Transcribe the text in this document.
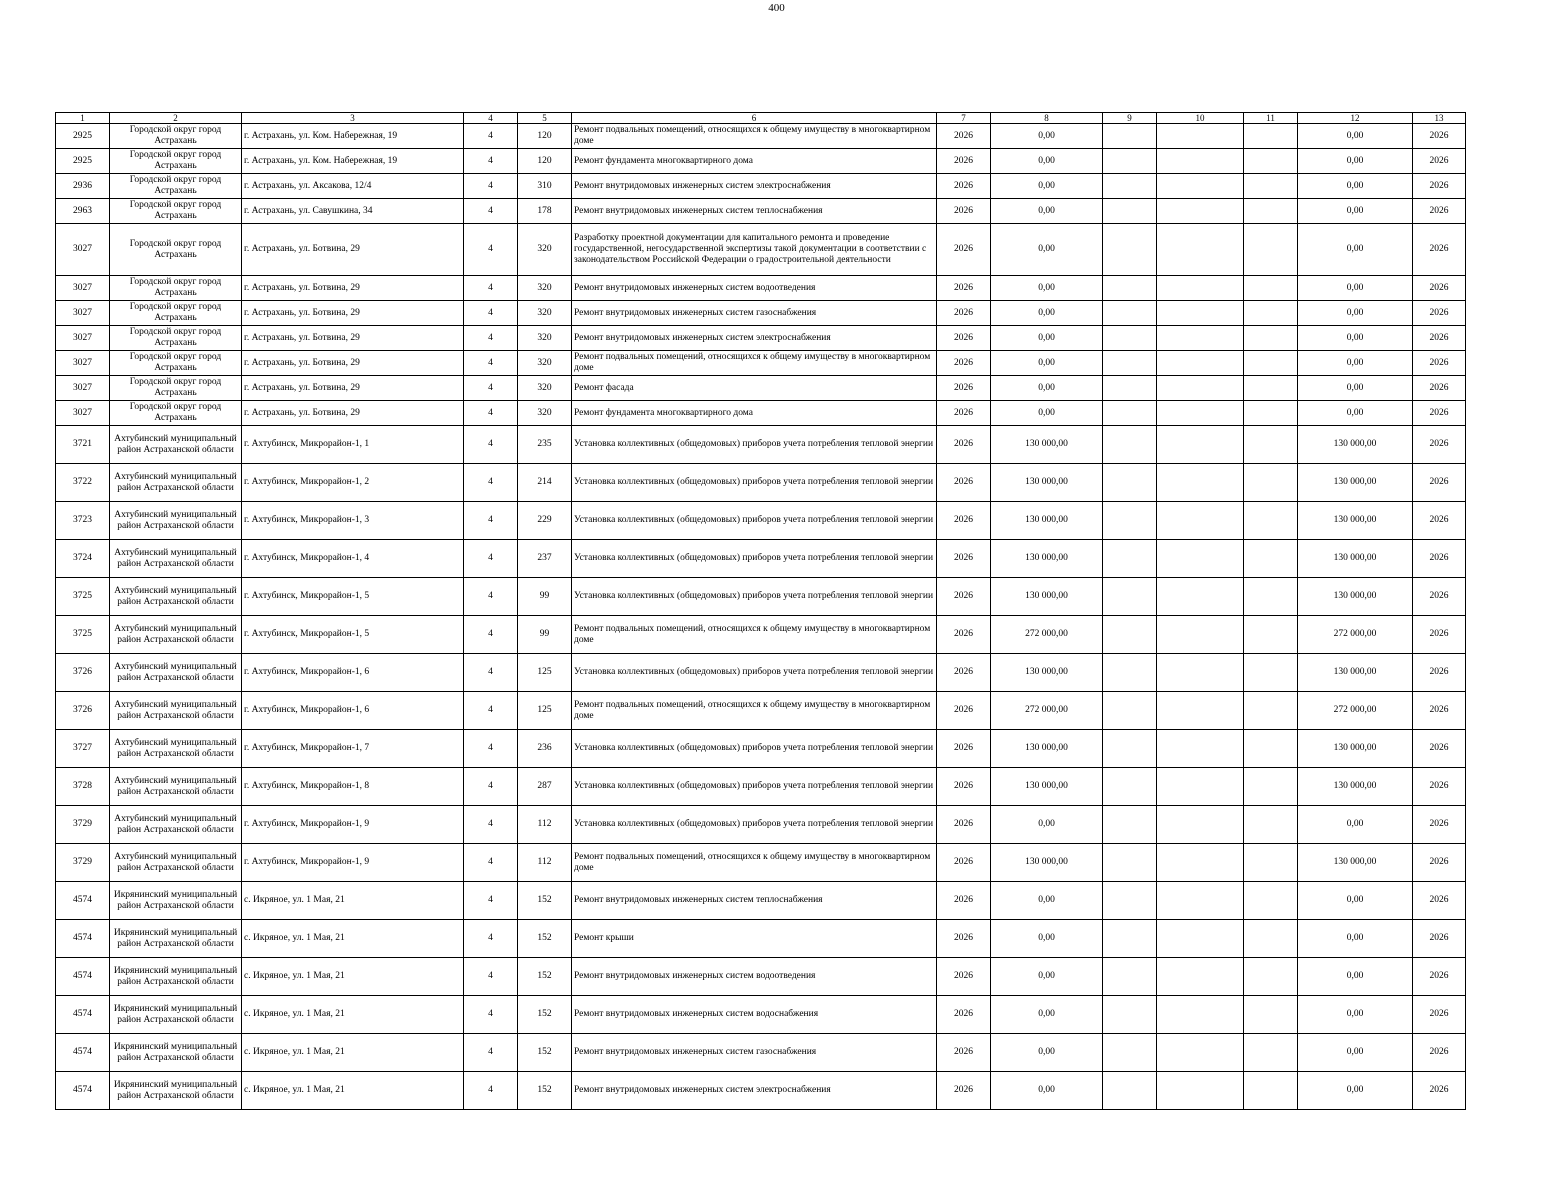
400
1	2	3	4	5	6	7	8	9	10	11	12	13
2925	Городской округ город Астрахань	г. Астрахань, ул. Ком. Набережная, 19	4	120	Ремонт подвальных помещений, относящихся к общему имуществу в многоквартирном доме	2026	0,00				0,00	2026
2925	Городской округ город Астрахань	г. Астрахань, ул. Ком. Набережная, 19	4	120	Ремонт фундамента многоквартирного дома	2026	0,00				0,00	2026
2936	Городской округ город Астрахань	г. Астрахань, ул. Аксакова, 12/4	4	310	Ремонт внутридомовых инженерных систем электроснабжения	2026	0,00				0,00	2026
2963	Городской округ город Астрахань	г. Астрахань, ул. Савушкина, 34	4	178	Ремонт внутридомовых инженерных систем теплоснабжения	2026	0,00				0,00	2026
3027	Городской округ город Астрахань	г. Астрахань, ул. Ботвина, 29	4	320	Разработку проектной документации для капитального ремонта и проведение государственной, негосударственной экспертизы такой документации в соответствии с законодательством Российской Федерации о градостроительной деятельности	2026	0,00				0,00	2026
3027	Городской округ город Астрахань	г. Астрахань, ул. Ботвина, 29	4	320	Ремонт внутридомовых инженерных систем водоотведения	2026	0,00				0,00	2026
3027	Городской округ город Астрахань	г. Астрахань, ул. Ботвина, 29	4	320	Ремонт внутридомовых инженерных систем газоснабжения	2026	0,00				0,00	2026
3027	Городской округ город Астрахань	г. Астрахань, ул. Ботвина, 29	4	320	Ремонт внутридомовых инженерных систем электроснабжения	2026	0,00				0,00	2026
3027	Городской округ город Астрахань	г. Астрахань, ул. Ботвина, 29	4	320	Ремонт подвальных помещений, относящихся к общему имуществу в многоквартирном доме	2026	0,00				0,00	2026
3027	Городской округ город Астрахань	г. Астрахань, ул. Ботвина, 29	4	320	Ремонт фасада	2026	0,00				0,00	2026
3027	Городской округ город Астрахань	г. Астрахань, ул. Ботвина, 29	4	320	Ремонт фундамента многоквартирного дома	2026	0,00				0,00	2026
3721	Ахтубинский муниципальный район Астраханской области	г. Ахтубинск, Микрорайон-1, 1	4	235	Установка коллективных (общедомовых) приборов учета потребления тепловой энергии	2026	130 000,00				130 000,00	2026
3722	Ахтубинский муниципальный район Астраханской области	г. Ахтубинск, Микрорайон-1, 2	4	214	Установка коллективных (общедомовых) приборов учета потребления тепловой энергии	2026	130 000,00				130 000,00	2026
3723	Ахтубинский муниципальный район Астраханской области	г. Ахтубинск, Микрорайон-1, 3	4	229	Установка коллективных (общедомовых) приборов учета потребления тепловой энергии	2026	130 000,00				130 000,00	2026
3724	Ахтубинский муниципальный район Астраханской области	г. Ахтубинск, Микрорайон-1, 4	4	237	Установка коллективных (общедомовых) приборов учета потребления тепловой энергии	2026	130 000,00				130 000,00	2026
3725	Ахтубинский муниципальный район Астраханской области	г. Ахтубинск, Микрорайон-1, 5	4	99	Установка коллективных (общедомовых) приборов учета потребления тепловой энергии	2026	130 000,00				130 000,00	2026
3725	Ахтубинский муниципальный район Астраханской области	г. Ахтубинск, Микрорайон-1, 5	4	99	Ремонт подвальных помещений, относящихся к общему имуществу в многоквартирном доме	2026	272 000,00				272 000,00	2026
3726	Ахтубинский муниципальный район Астраханской области	г. Ахтубинск, Микрорайон-1, 6	4	125	Установка коллективных (общедомовых) приборов учета потребления тепловой энергии	2026	130 000,00				130 000,00	2026
3726	Ахтубинский муниципальный район Астраханской области	г. Ахтубинск, Микрорайон-1, 6	4	125	Ремонт подвальных помещений, относящихся к общему имуществу в многоквартирном доме	2026	272 000,00				272 000,00	2026
3727	Ахтубинский муниципальный район Астраханской области	г. Ахтубинск, Микрорайон-1, 7	4	236	Установка коллективных (общедомовых) приборов учета потребления тепловой энергии	2026	130 000,00				130 000,00	2026
3728	Ахтубинский муниципальный район Астраханской области	г. Ахтубинск, Микрорайон-1, 8	4	287	Установка коллективных (общедомовых) приборов учета потребления тепловой энергии	2026	130 000,00				130 000,00	2026
3729	Ахтубинский муниципальный район Астраханской области	г. Ахтубинск, Микрорайон-1, 9	4	112	Установка коллективных (общедомовых) приборов учета потребления тепловой энергии	2026	0,00				0,00	2026
3729	Ахтубинский муниципальный район Астраханской области	г. Ахтубинск, Микрорайон-1, 9	4	112	Ремонт подвальных помещений, относящихся к общему имуществу в многоквартирном доме	2026	130 000,00				130 000,00	2026
4574	Икрянинский муниципальный район Астраханской области	с. Икряное, ул. 1 Мая, 21	4	152	Ремонт внутридомовых инженерных систем теплоснабжения	2026	0,00				0,00	2026
4574	Икрянинский муниципальный район Астраханской области	с. Икряное, ул. 1 Мая, 21	4	152	Ремонт крыши	2026	0,00				0,00	2026
4574	Икрянинский муниципальный район Астраханской области	с. Икряное, ул. 1 Мая, 21	4	152	Ремонт внутридомовых инженерных систем водоотведения	2026	0,00				0,00	2026
4574	Икрянинский муниципальный район Астраханской области	с. Икряное, ул. 1 Мая, 21	4	152	Ремонт внутридомовых инженерных систем водоснабжения	2026	0,00				0,00	2026
4574	Икрянинский муниципальный район Астраханской области	с. Икряное, ул. 1 Мая, 21	4	152	Ремонт внутридомовых инженерных систем газоснабжения	2026	0,00				0,00	2026
4574	Икрянинский муниципальный район Астраханской области	с. Икряное, ул. 1 Мая, 21	4	152	Ремонт внутридомовых инженерных систем электроснабжения	2026	0,00				0,00	2026
